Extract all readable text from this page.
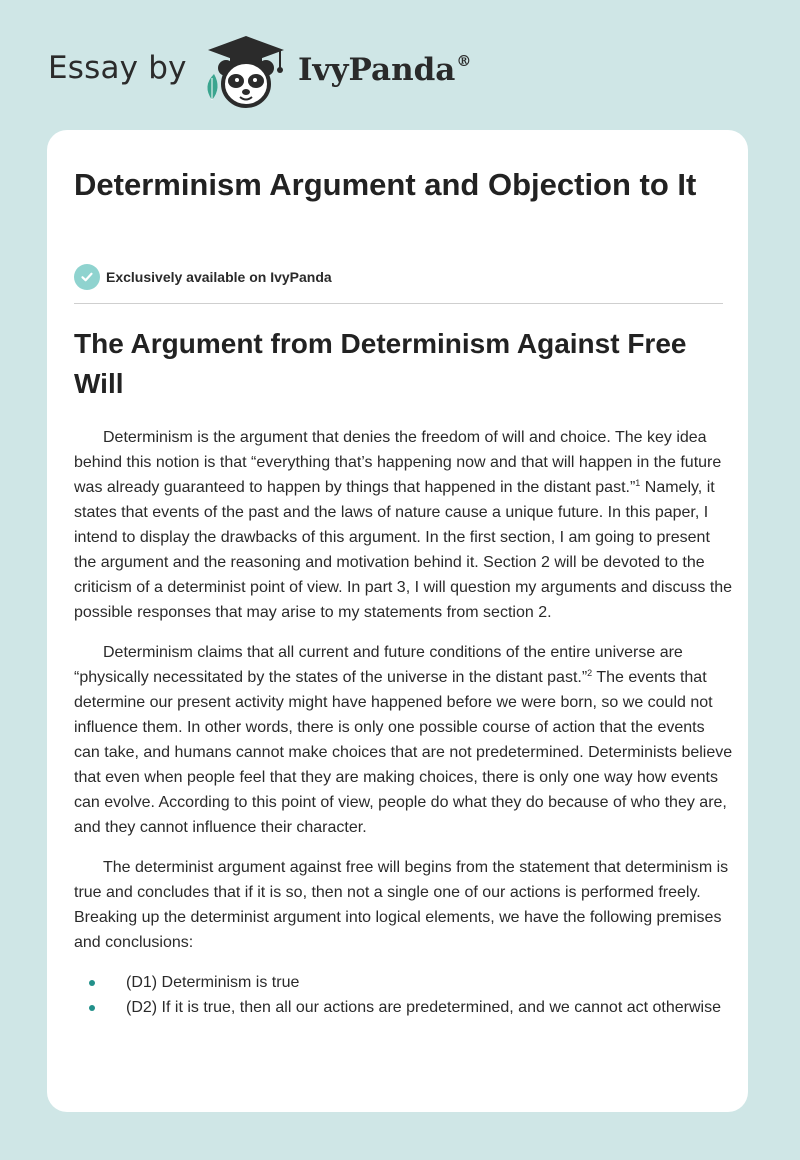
Essay by	IvyPanda®
Determinism Argument and Objection to It
Exclusively available on IvyPanda
The Argument from Determinism Against Free Will

Determinism is the argument that denies the freedom of will and choice. The key idea behind this notion is that “everything that’s happening now and that will happen in the future was already guaranteed to happen by things that happened in the distant past.”$^1$ Namely, it states that events of the past and the laws of nature cause a unique future. In this paper, I intend to display the drawbacks of this argument. In the first section, I am going to present the argument and the reasoning and motivation behind it. Section 2 will be devoted to the criticism of a determinist point of view. In part 3, I will question my arguments and discuss the possible responses that may arise to my statements from section 2.

Determinism claims that all current and future conditions of the entire universe are “physically necessitated by the states of the universe in the distant past.”$^2$ The events that determine our present activity might have happened before we were born, so we could not influence them. In other words, there is only one possible course of action that the events can take, and humans cannot make choices that are not predetermined. Determinists believe that even when people feel that they are making choices, there is only one way how events can evolve. According to this point of view, people do what they do because of who they are, and they cannot influence their character.

The determinist argument against free will begins from the statement that determinism is true and concludes that if it is so, then not a single one of our actions is performed freely. Breaking up the determinist argument into logical elements, we have the following premises and conclusions:

(D1) Determinism is true
(D2) If it is true, then all our actions are predetermined, and we cannot act otherwise
